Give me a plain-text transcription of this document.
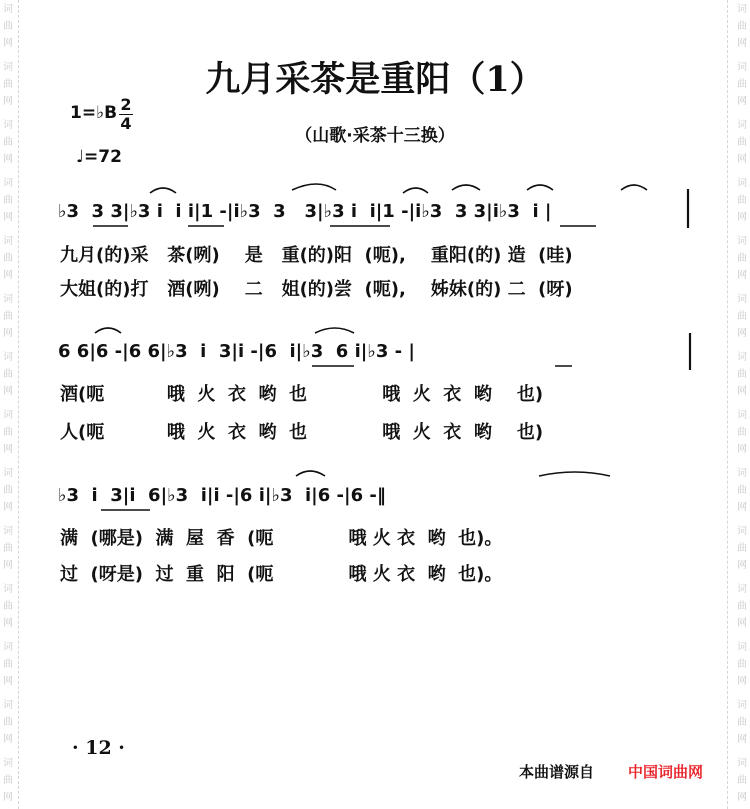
词
曲
网
词
曲
网
词
曲
网
词
曲
网
词
曲
网
词
曲
网
词
曲
网
词
曲
网
词
曲
网
词
曲
网
词
曲
网
词
曲
网
词
曲
网
词
曲
网
词
曲
网
词
曲
网
词
曲
网
词
曲
网
词
曲
网
词
曲
网
词
曲
网
词
曲
网
词
曲
网
词
曲
网
词
曲
网
词
曲
网
词
曲
网
词
曲
网
九月采茶是重阳（1）
（山歌·采茶十三换）
1=♭B 2
4
♩=72
♭3  3 3|♭3 i  i i|1 -|i♭3  3   3|♭3 i  i|1 -|i♭3  3 3|i♭3  i |
九月(的)采   茶(咧)    是   重(的)阳  (呃),    重阳(的) 造  (哇)
大姐(的)打   酒(咧)    二   姐(的)尝  (呃),    姊妹(的) 二  (呀)
6 6|6 -|6 6|♭3  i  3|i -|6  i|♭3  6 i|♭3 - |
酒(呃          哦  火  衣  哟  也            哦  火  衣  哟    也)
人(呃          哦  火  衣  哟  也            哦  火  衣  哟    也)
♭3  i  3|i  6|♭3  i|i -|6 i|♭3  i|6 -|6 -‖
满  (哪是)  满  屋  香  (呃            哦 火 衣  哟  也)。
过  (呀是)  过  重  阳  (呃            哦 火 衣  哟  也)。
· 12 ·
本曲谱源自 中国词曲网
